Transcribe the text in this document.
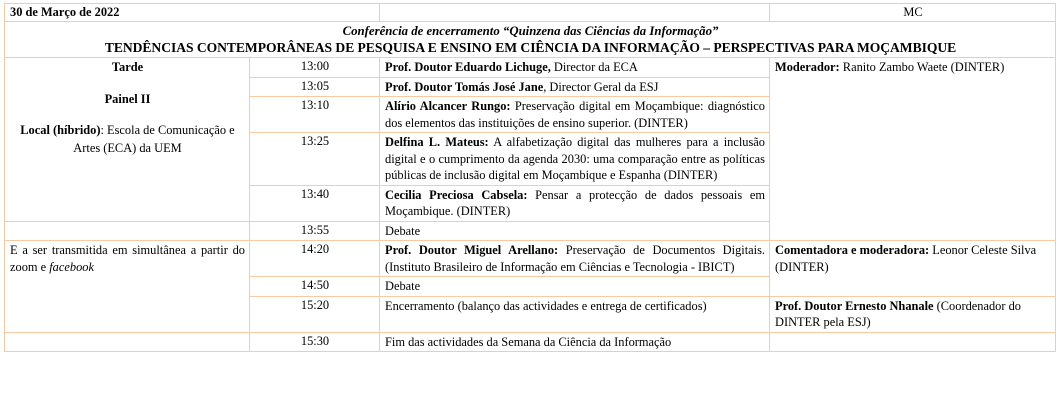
30 de Março de 2022			MC

Conferência de encerramento “Quinzena das Ciências da Informação”
TENDÊNCIAS CONTEMPORÂNEAS DE PESQUISA E ENSINO EM CIÊNCIA DA INFORMAÇÃO – PERSPECTIVAS PARA MOÇAMBIQUE			

Tarde
Painel II
Local (híbrido): Escola de Comunicação e Artes (ECA) da UEM	13:00	Prof. Doutor Eduardo Lichuge, Director da ECA	Moderador: Ranito Zambo Waete (DINTER)
	13:05	Prof. Doutor Tomás José Jane, Director Geral da ESJ	
	13:10	Alírio Alcancer Rungo: Preservação digital em Moçambique: diagnóstico dos elementos das instituições de ensino superior. (DINTER)	
	13:25	Delfina L. Mateus: A alfabetização digital das mulheres para a inclusão digital e o cumprimento da agenda 2030: uma comparação entre as políticas públicas de inclusão digital em Moçambique e Espanha (DINTER)	
	13:40	Cecilia Preciosa Cabsela: Pensar a protecção de dados pessoais em Moçambique. (DINTER)	
	13:55	Debate	
E a ser transmitida em simultânea a partir do zoom e facebook	14:20	Prof. Doutor Miguel Arellano: Preservação de Documentos Digitais. (Instituto Brasileiro de Informação em Ciências e Tecnologia - IBICT)	Comentadora e moderadora: Leonor Celeste Silva (DINTER)
	14:50	Debate	
	15:20	Encerramento (balanço das actividades e entrega de certificados)	Prof. Doutor Ernesto Nhanale (Coordenador do DINTER pela ESJ)
	15:30	Fim das actividades da Semana da Ciência da Informação	
